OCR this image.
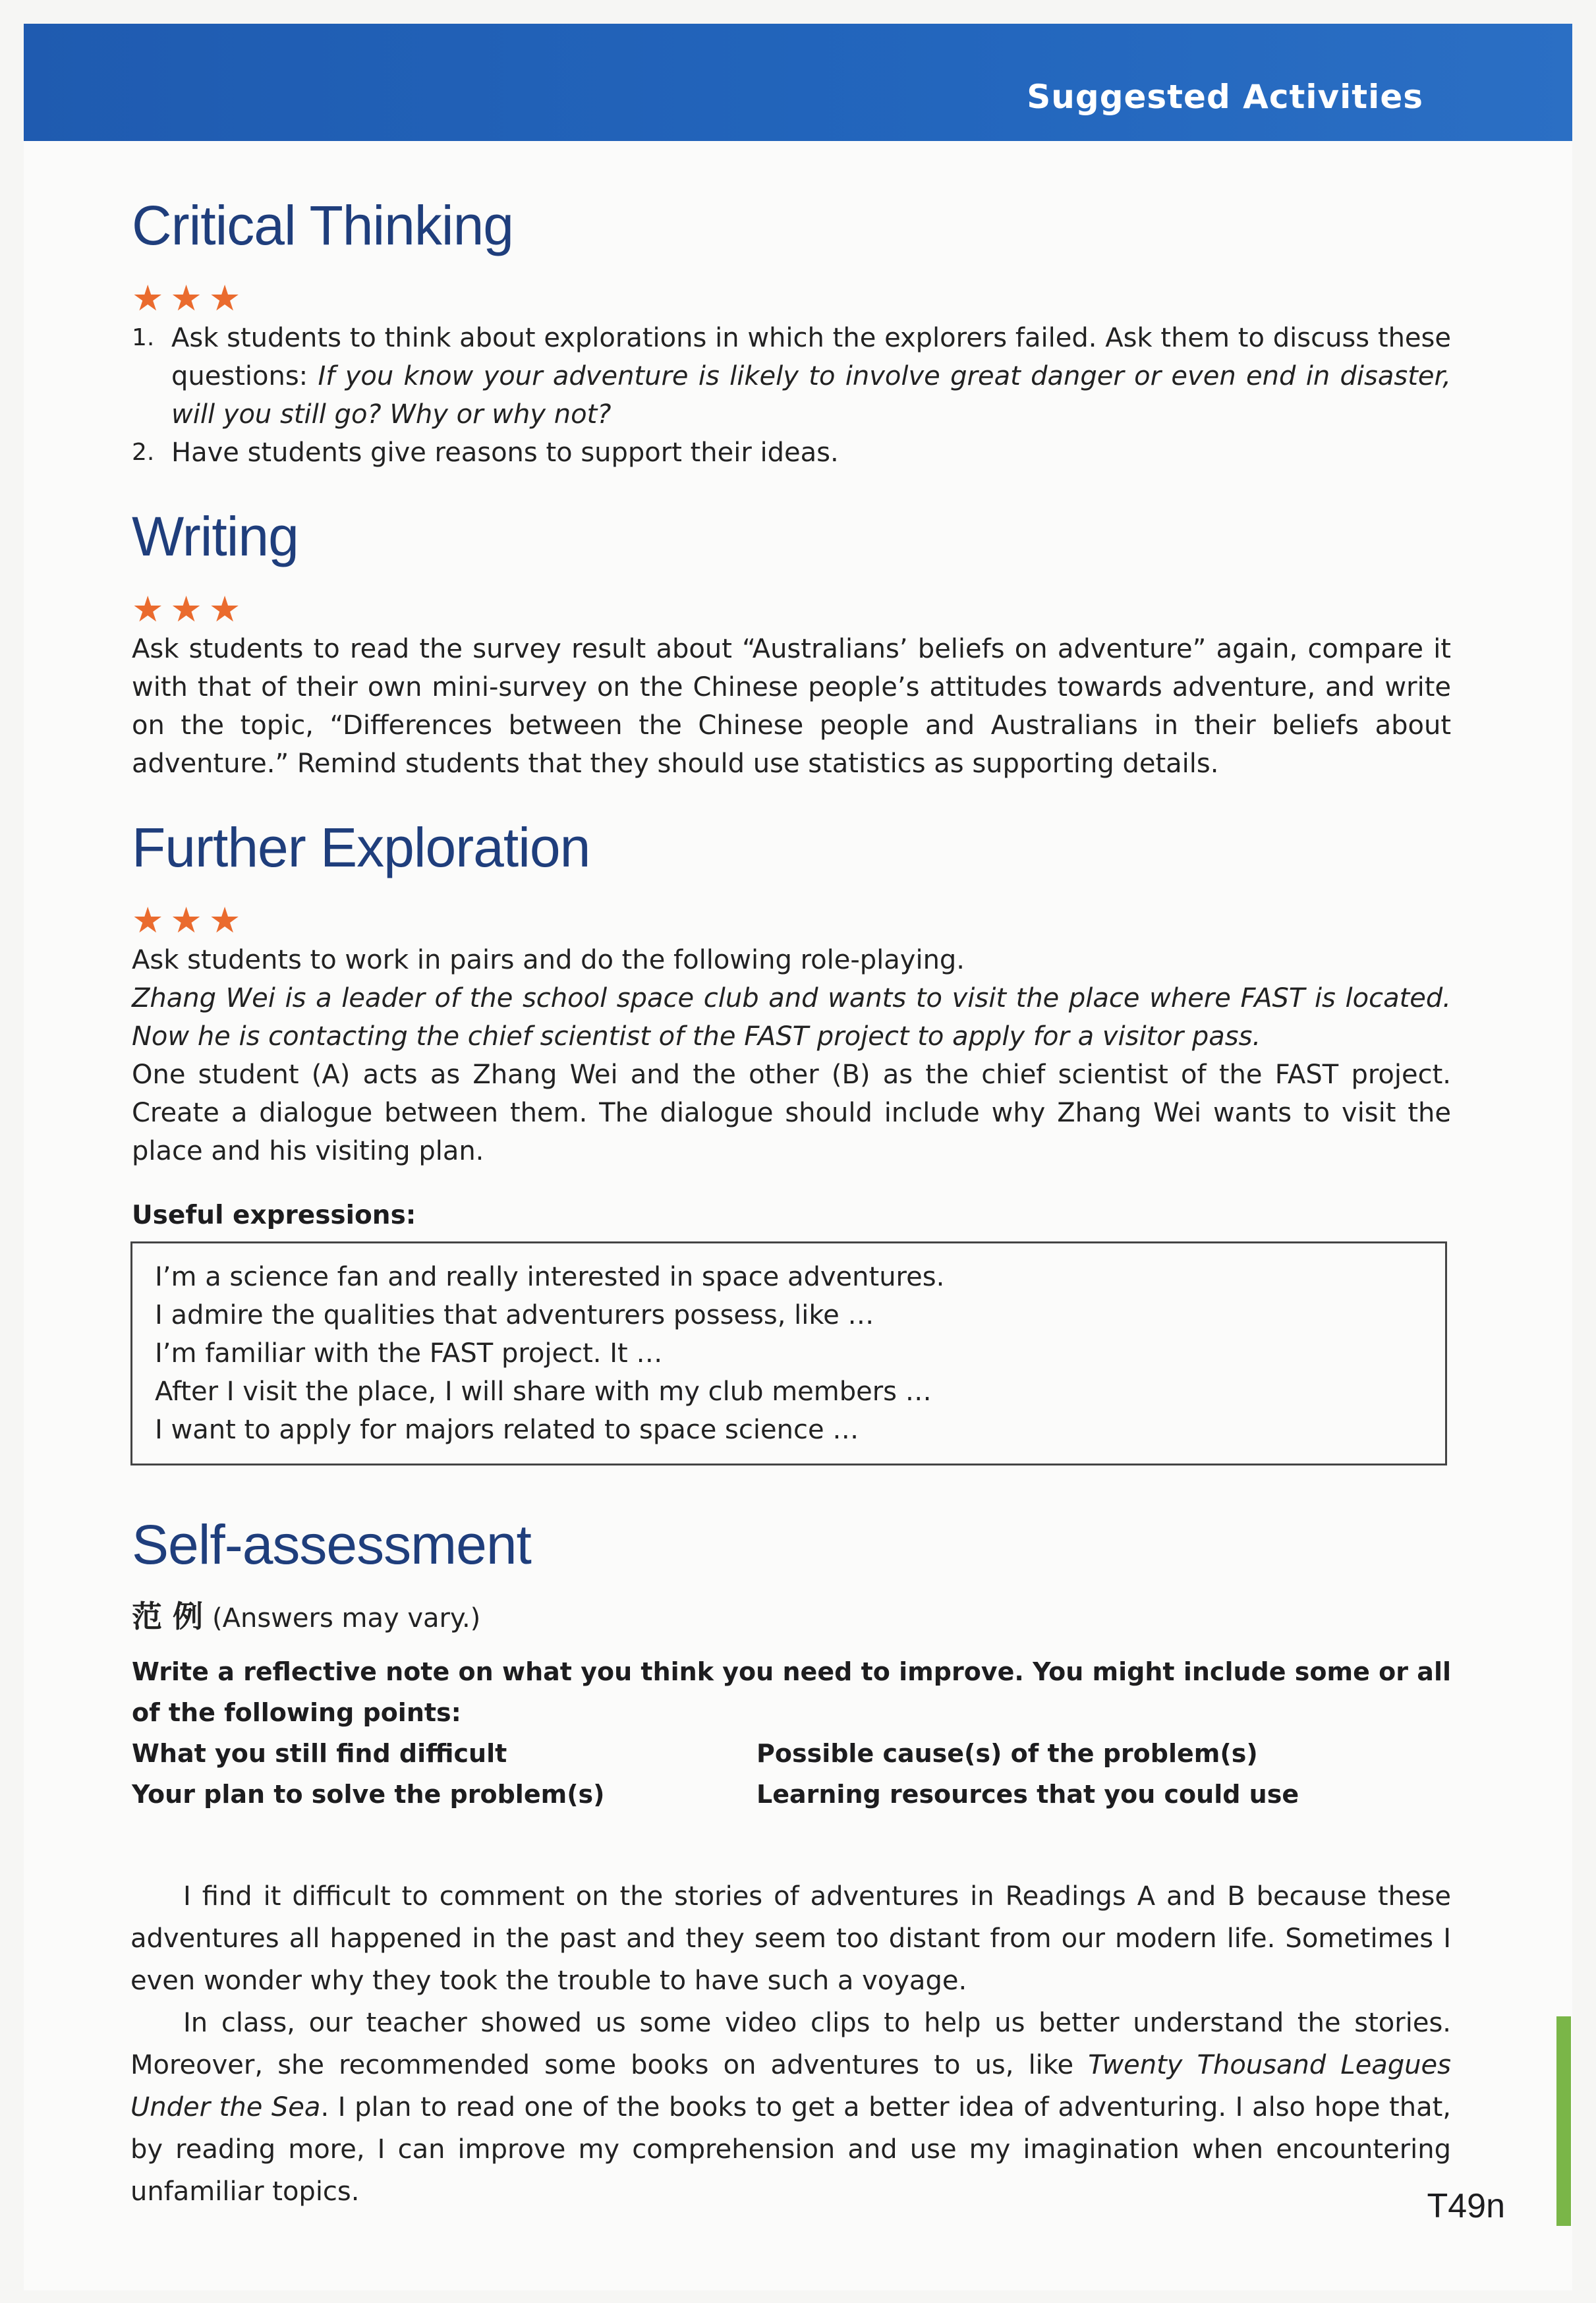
Suggested Activities
Critical Thinking
★★★
1. Ask students to think about explorations in which the explorers failed. Ask them to discuss these questions: If you know your adventure is likely to involve great danger or even end in disaster, will you still go? Why or why not?
2. Have students give reasons to support their ideas.
Writing
★★★

Ask students to read the survey result about “Australians’ beliefs on adventure” again, compare it with that of their own mini-survey on the Chinese people’s attitudes towards adventure, and write on the topic, “Differences between the Chinese people and Australians in their beliefs about adventure.” Remind students that they should use statistics as supporting details.

Further Exploration
★★★

Ask students to work in pairs and do the following role-playing.

Zhang Wei is a leader of the school space club and wants to visit the place where FAST is located. Now he is contacting the chief scientist of the FAST project to apply for a visitor pass.

One student (A) acts as Zhang Wei and the other (B) as the chief scientist of the FAST project. Create a dialogue between them. The dialogue should include why Zhang Wei wants to visit the place and his visiting plan.

Useful expressions:
I’m a science fan and really interested in space adventures.
I admire the qualities that adventurers possess, like …
I’m familiar with the FAST project. It …
After I visit the place, I will share with my club members …
I want to apply for majors related to space science …
Self-assessment
范 例 (Answers may vary.)

Write a reflective note on what you think you need to improve. You might include some or all of the following points:

What you still find difficult	Possible cause(s) of the problem(s)
Your plan to solve the problem(s)	Learning resources that you could use

I find it difficult to comment on the stories of adventures in Readings A and B because these adventures all happened in the past and they seem too distant from our modern life. Sometimes I even wonder why they took the trouble to have such a voyage.

In class, our teacher showed us some video clips to help us better understand the stories. Moreover, she recommended some books on adventures to us, like Twenty Thousand Leagues Under the Sea. I plan to read one of the books to get a better idea of adventuring. I also hope that, by reading more, I can improve my comprehension and use my imagination when encountering unfamiliar topics.	T49n
